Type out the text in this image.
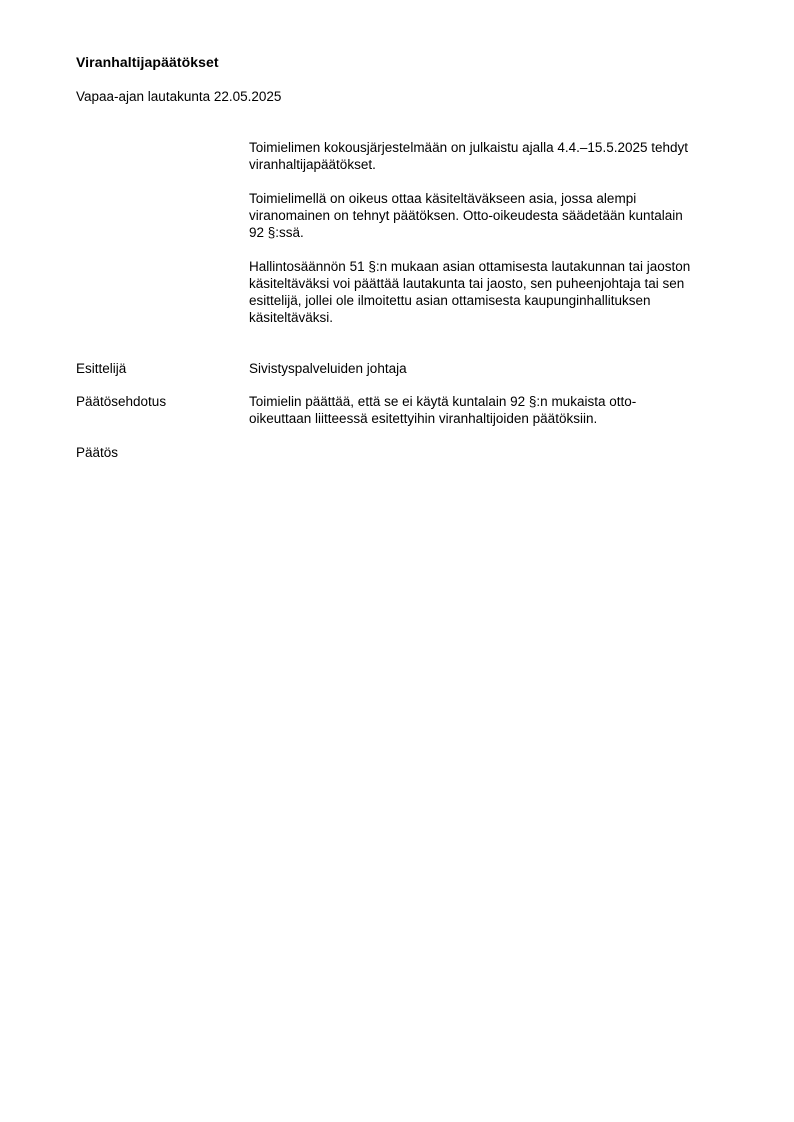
Viranhaltijapäätökset
Vapaa-ajan lautakunta 22.05.2025
Toimielimen kokousjärjestelmään on julkaistu ajalla 4.4.–15.5.2025 tehdyt
viranhaltijapäätökset.
Toimielimellä on oikeus ottaa käsiteltäväkseen asia, jossa alempi
viranomainen on tehnyt päätöksen. Otto-oikeudesta säädetään kuntalain
92 §:ssä.
Hallintosäännön 51 §:n mukaan asian ottamisesta lautakunnan tai jaoston
käsiteltäväksi voi päättää lautakunta tai jaosto, sen puheenjohtaja tai sen
esittelijä, jollei ole ilmoitettu asian ottamisesta kaupunginhallituksen
käsiteltäväksi.
Esittelijä	Sivistyspalveluiden johtaja
Päätösehdotus	Toimielin päättää, että se ei käytä kuntalain 92 §:n mukaista otto-
oikeuttaan liitteessä esitettyihin viranhaltijoiden päätöksiin.
Päätös
